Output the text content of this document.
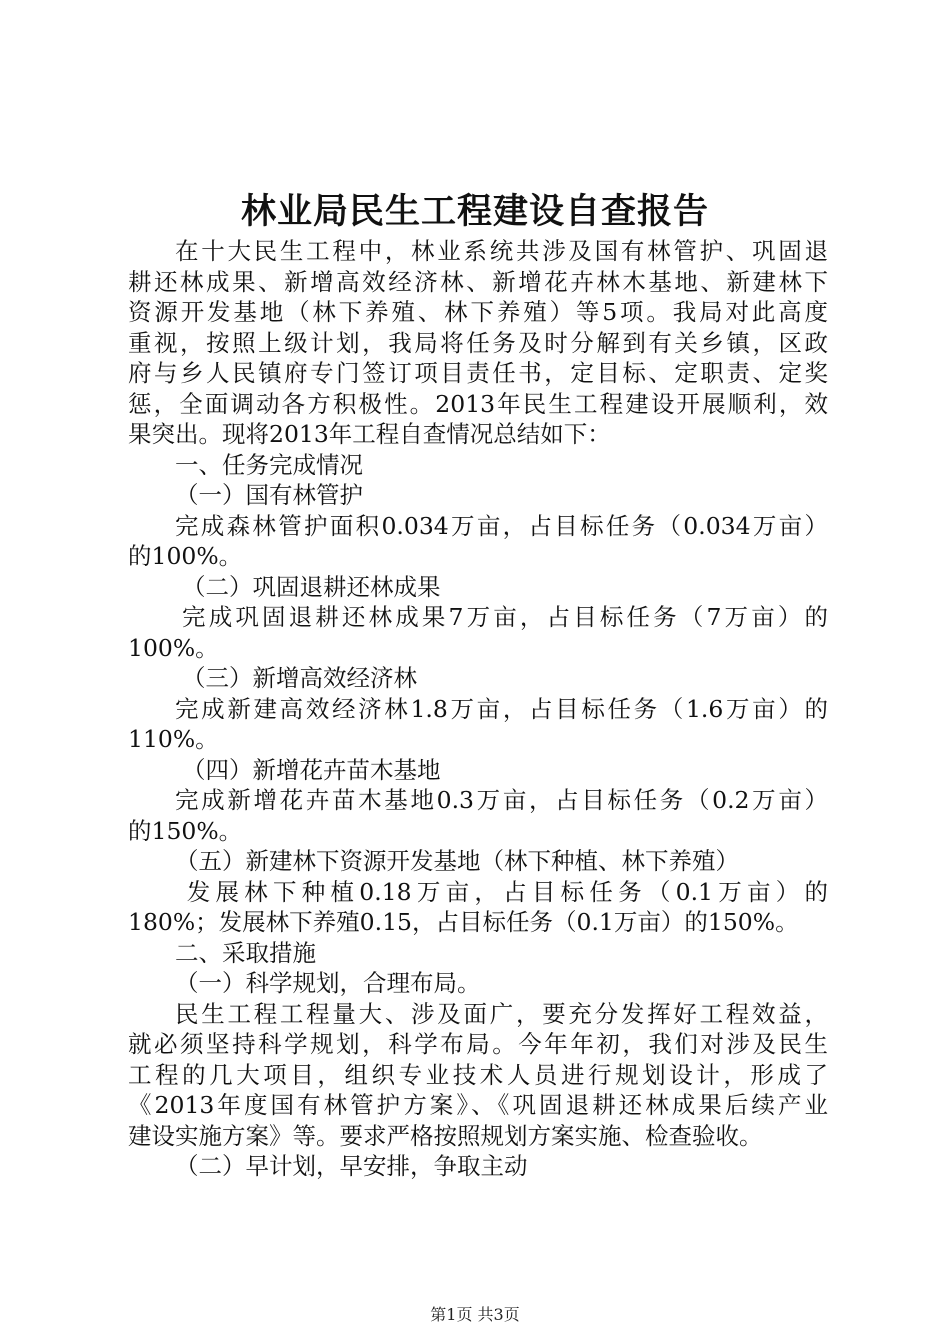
林业局民生工程建设自查报告
在十大民生工程中，林业系统共涉及国有林管护、巩固退
耕还林成果、新增高效经济林、新增花卉林木基地、新建林下
资源开发基地（林下养殖、林下养殖）等5项。我局对此高度
重视，按照上级计划，我局将任务及时分解到有关乡镇，区政
府与乡人民镇府专门签订项目责任书，定目标、定职责、定奖
惩，全面调动各方积极性。2013年民生工程建设开展顺利，效
果突出。现将2013年工程自查情况总结如下：
一、任务完成情况
（一）国有林管护
完成森林管护面积0.034万亩，占目标任务（0.034万亩）
的100%。
（二）巩固退耕还林成果
完成巩固退耕还林成果7万亩，占目标任务（7万亩）的
100%。
（三）新增高效经济林
完成新建高效经济林1.8万亩，占目标任务（1.6万亩）的
110%。
（四）新增花卉苗木基地
完成新增花卉苗木基地0.3万亩，占目标任务（0.2万亩）
的150%。
（五）新建林下资源开发基地（林下种植、林下养殖）
发展林下种植0.18万亩，占目标任务（0.1万亩）的
180%；发展林下养殖0.15，占目标任务（0.1万亩）的150%。
二、采取措施
（一）科学规划，合理布局。
民生工程工程量大、涉及面广，要充分发挥好工程效益，
就必须坚持科学规划，科学布局。今年年初，我们对涉及民生
工程的几大项目，组织专业技术人员进行规划设计，形成了
《2013年度国有林管护方案》、《巩固退耕还林成果后续产业
建设实施方案》等。要求严格按照规划方案实施、检查验收。
（二）早计划，早安排，争取主动
第1页 共3页
